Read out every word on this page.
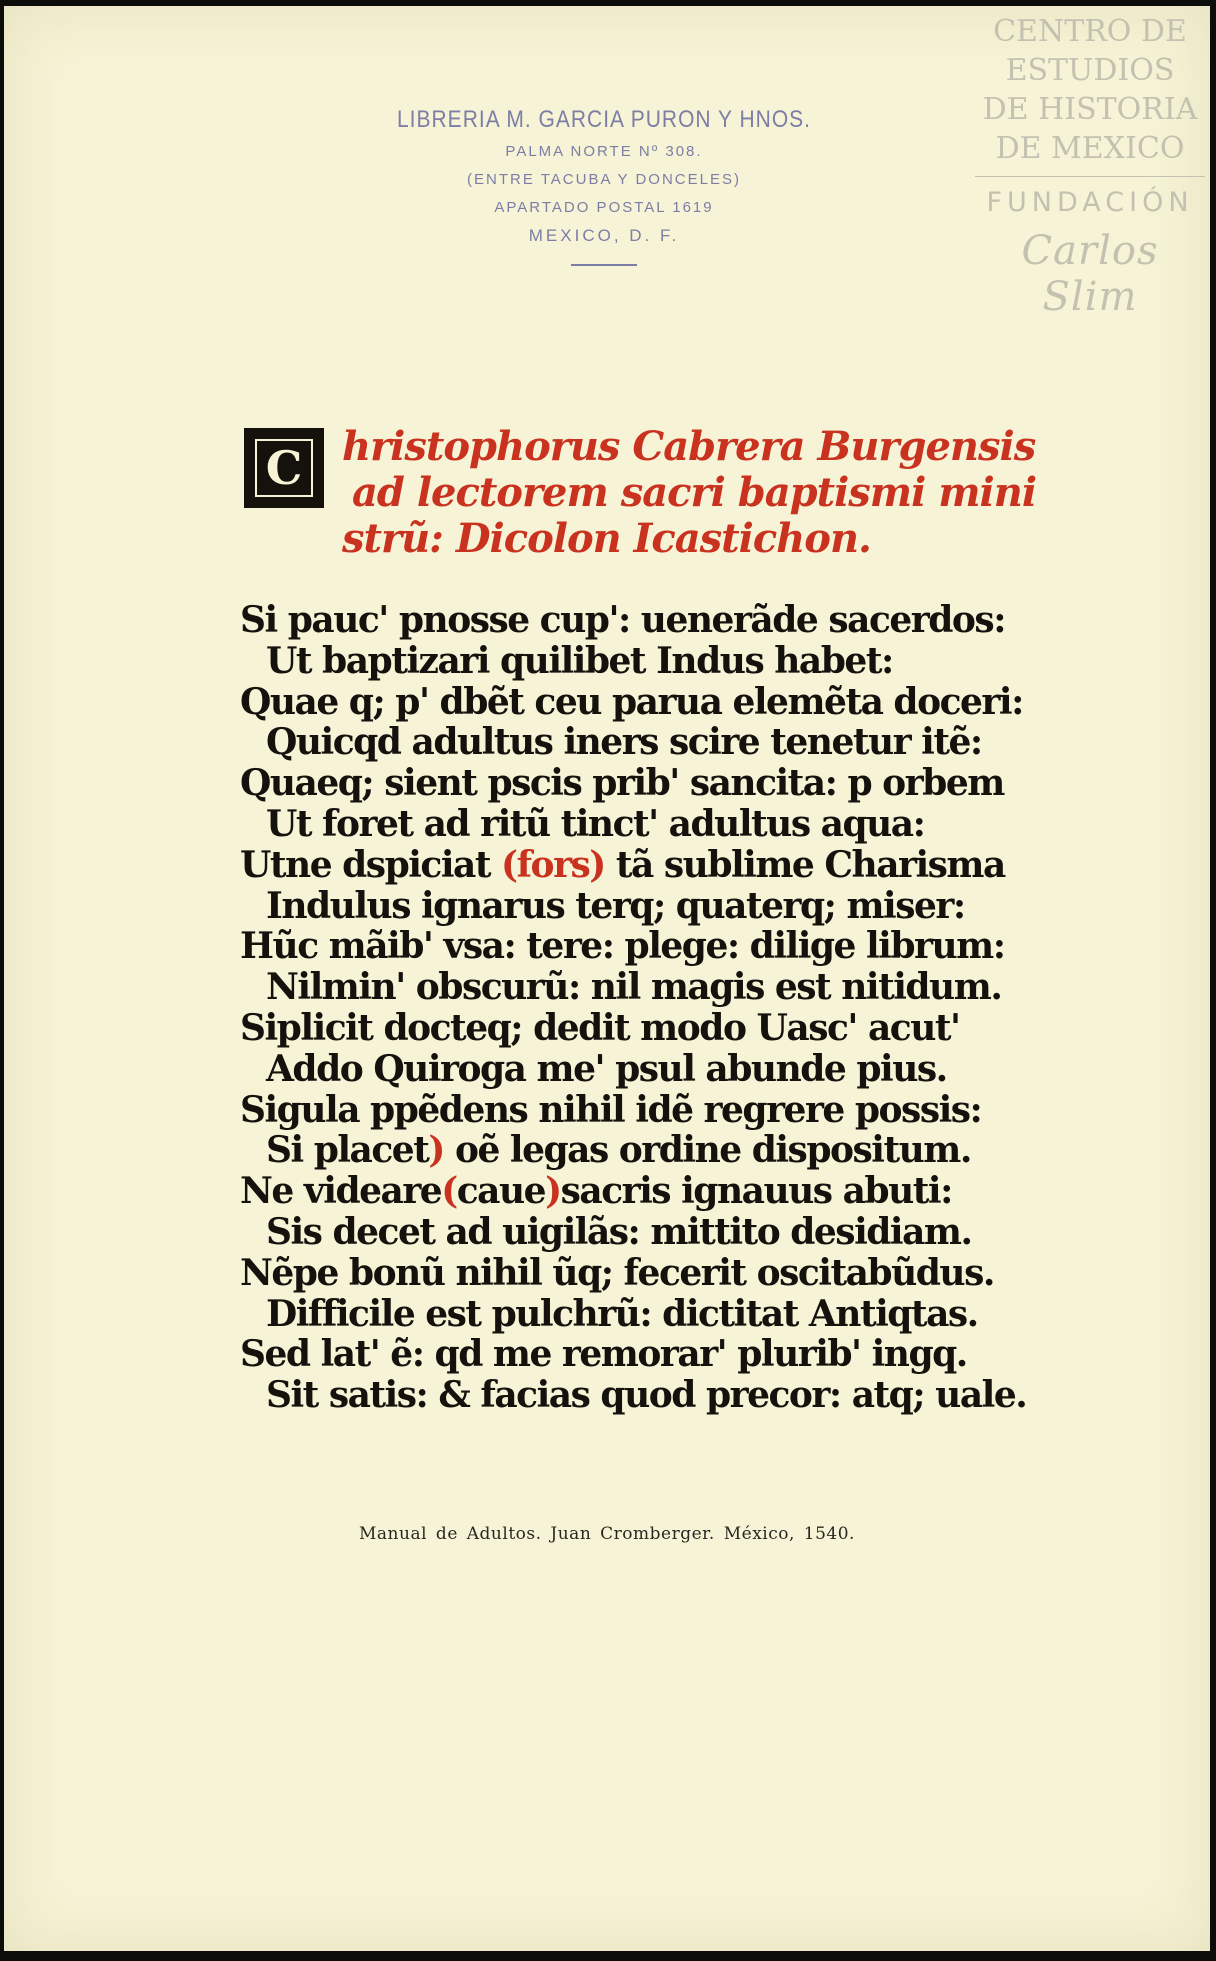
LIBRERIA M. GARCIA PURON Y HNOS.
PALMA NORTE Nº 308.
(ENTRE TACUBA Y DONCELES)
APARTADO POSTAL 1619
MEXICO, D. F.
CENTRO DE
ESTUDIOS
DE HISTORIA
DE MEXICO
FUNDACIÓN
Carlos Slim
C hristophorus Cabrera Burgensis
ad lectorem sacri baptismi mini
strũ: Dicolon Icastichon.
Si pauc' pnosse cup': uenerãde sacerdos:
Ut baptizari quilibet Indus habet:
Quae q; p' dbẽt ceu parua elemẽta doceri:
Quicqd adultus iners scire tenetur itẽ:
Quaeq; sient pscis prib' sancita: p orbem
Ut foret ad ritũ tinct' adultus aqua:
Utne dspiciat (fors) tã sublime Charisma
Indulus ignarus terq; quaterq; miser:
Hũc mãib' vsa: tere: plege: dilige librum:
Nilmin' obscurũ: nil magis est nitidum.
Siplicit docteq; dedit modo Uasc' acut'
Addo Quiroga me' psul abunde pius.
Sigula ppẽdens nihil idẽ regrere possis:
Si placet) oẽ legas ordine dispositum.
Ne videare(caue)sacris ignauus abuti:
Sis decet ad uigilãs: mittito desidiam.
Nẽpe bonũ nihil ũq; fecerit oscitabũdus.
Difficile est pulchrũ: dictitat Antiqtas.
Sed lat' ẽ: qd me remorar' plurib' ingq.
Sit satis: & facias quod precor: atq; uale.
Manual de Adultos. Juan Cromberger. México, 1540.
